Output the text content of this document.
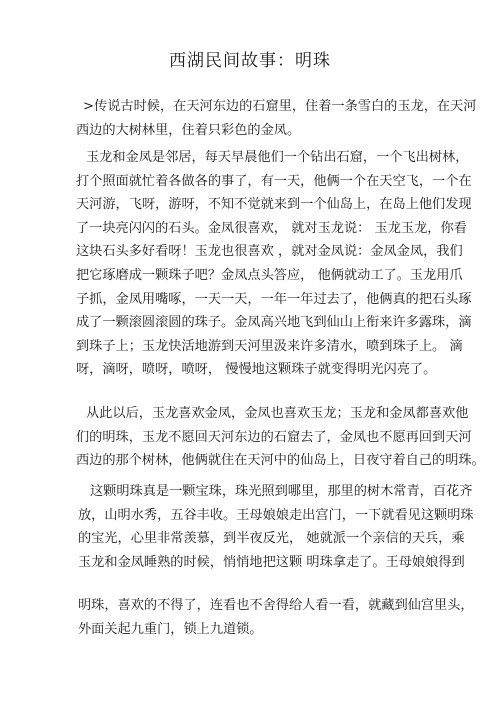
西湖民间故事：明珠
>传说古时候，在天河东边的石窟里，住着一条雪白的玉龙，在天河
西边的大树林里，住着只彩色的金凤。
玉龙和金凤是邻居，每天早晨他们一个钻出石窟，一个飞出树林，
打个照面就忙着各做各的事了，有一天，他俩一个在天空飞，一个在
天河游，飞呀，游呀，不知不觉就来到一个仙岛上，在岛上他们发现
了一块亮闪闪的石头。金凤很喜欢， 就对玉龙说： 玉龙玉龙，你看
这块石头多好看呀！玉龙也很喜欢 ，就对金凤说：金凤金凤，我们
把它琢磨成一颗珠子吧？金凤点头答应， 他俩就动工了。玉龙用爪
子抓，金凤用嘴啄，一天一天，一年一年过去了，他俩真的把石头琢
成了一颗滚圆滚圆的珠子。金凤高兴地飞到仙山上衔来许多露珠，滴
到珠子上；玉龙快活地游到天河里汲来许多清水，喷到珠子上。 滴
呀，滴呀，喷呀，喷呀， 慢慢地这颗珠子就变得明光闪亮了。
从此以后，玉龙喜欢金凤，金凤也喜欢玉龙；玉龙和金凤都喜欢他
们的明珠，玉龙不愿回天河东边的石窟去了，金凤也不愿再回到天河
西边的那个树林，他俩就住在天河中的仙岛上，日夜守着自己的明珠。
这颗明珠真是一颗宝珠，珠光照到哪里，那里的树木常青，百花齐
放，山明水秀，五谷丰收。王母娘娘走出宫门，一下就看见这颗明珠
的宝光，心里非常羡慕，到半夜反光， 她就派一个亲信的天兵，乘
玉龙和金凤睡熟的时候，悄悄地把这颗 明珠拿走了。王母娘娘得到
明珠，喜欢的不得了，连看也不舍得给人看一看，就藏到仙宫里头，
外面关起九重门，锁上九道锁。
